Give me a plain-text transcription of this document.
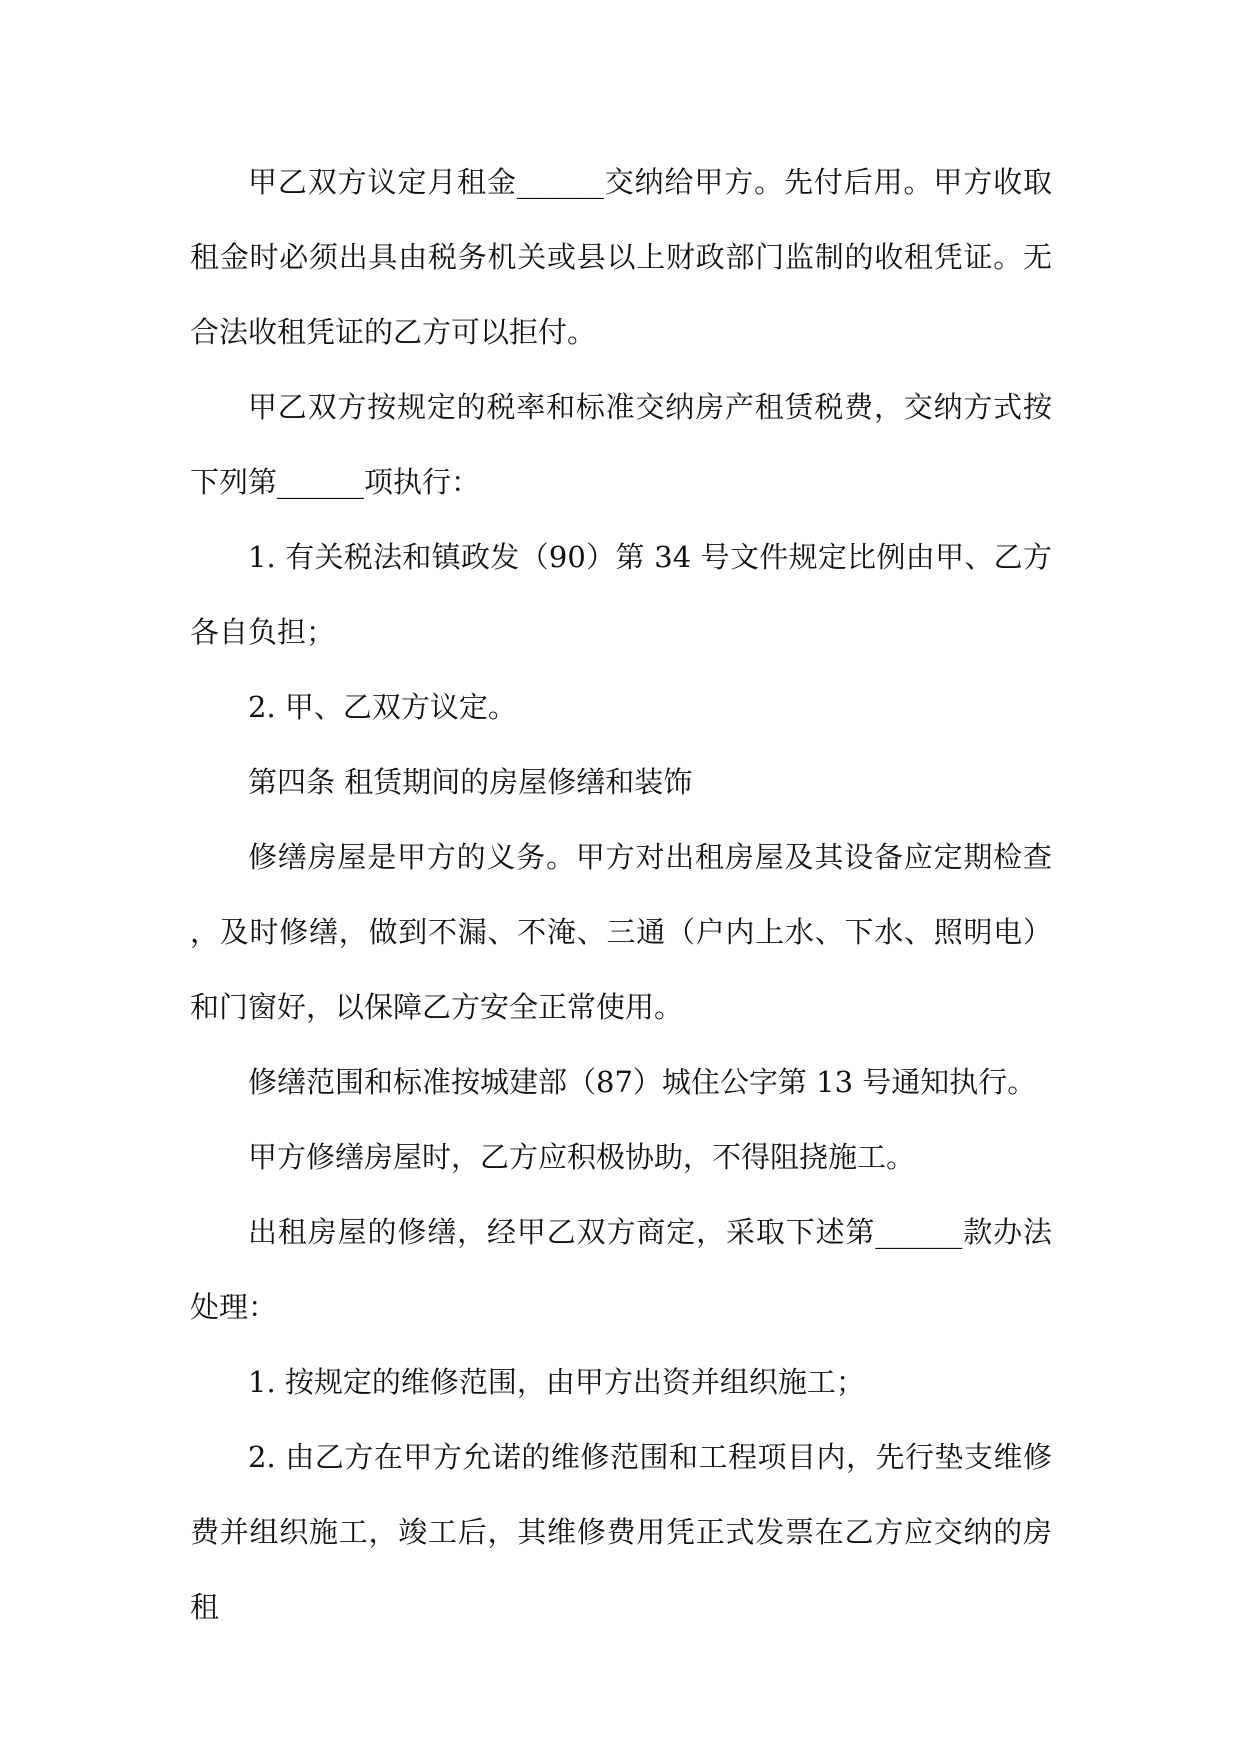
甲乙双方议定月租金______交纳给甲方。先付后用。甲方收取租金时必须出具由税务机关或县以上财政部门监制的收租凭证。无合法收租凭证的乙方可以拒付。

甲乙双方按规定的税率和标准交纳房产租赁税费，交纳方式按下列第______项执行：

1. 有关税法和镇政发（90）第 34 号文件规定比例由甲、乙方各自负担；

2. 甲、乙双方议定。

第四条 租赁期间的房屋修缮和装饰

修缮房屋是甲方的义务。甲方对出租房屋及其设备应定期检查，及时修缮，做到不漏、不淹、三通（户内上水、下水、照明电）和门窗好，以保障乙方安全正常使用。

修缮范围和标准按城建部（87）城住公字第 13 号通知执行。

甲方修缮房屋时，乙方应积极协助，不得阻挠施工。

出租房屋的修缮，经甲乙双方商定，采取下述第______款办法处理：

1. 按规定的维修范围，由甲方出资并组织施工；

2. 由乙方在甲方允诺的维修范围和工程项目内，先行垫支维修费并组织施工，竣工后，其维修费用凭正式发票在乙方应交纳的房租
